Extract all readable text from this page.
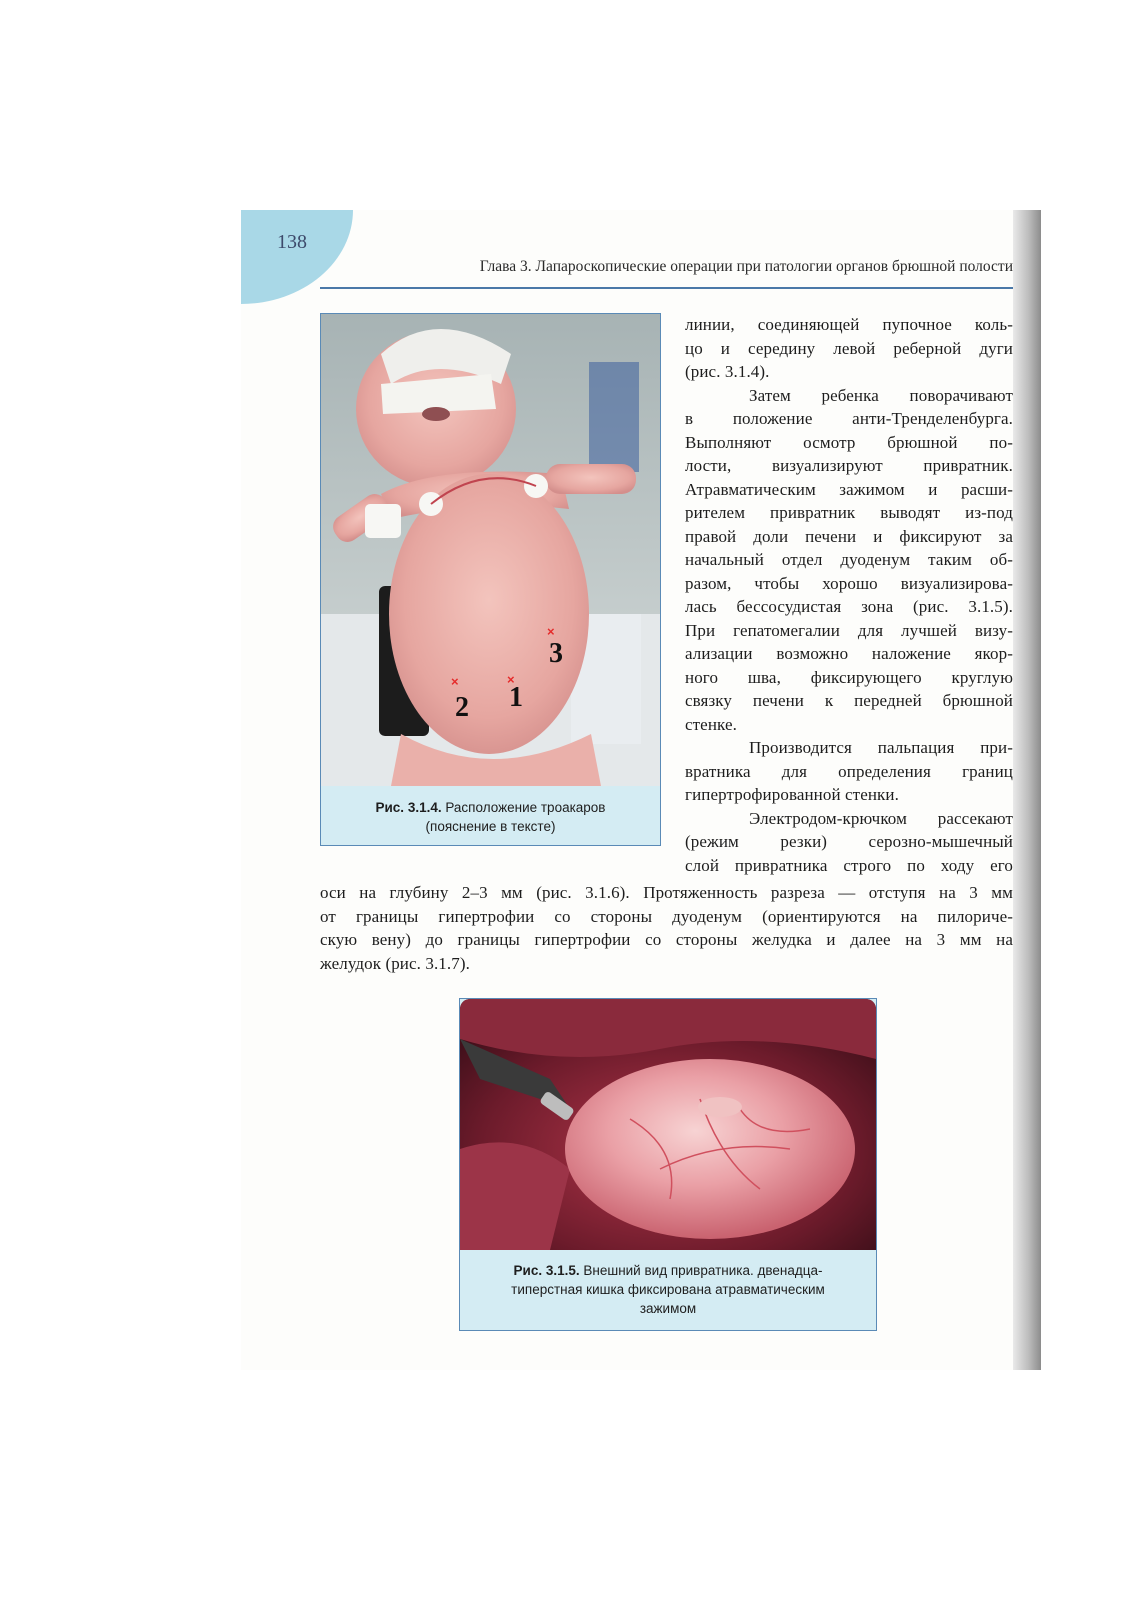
138
Глава 3. Лапароскопические операции при патологии органов брюшной полости
×
1
×
2
×
3
Рис. 3.1.4. Расположение троакаров
(пояснение в тексте)
линии, соединяющей пупочное коль-
цо и середину левой реберной дуги
(рис. 3.1.4).
Затем ребенка поворачивают
в положение анти-Тренделенбурга.
Выполняют осмотр брюшной по-
лости, визуализируют привратник.
Атравматическим зажимом и расши-
рителем привратник выводят из-под
правой доли печени и фиксируют за
начальный отдел дуоденум таким об-
разом, чтобы хорошо визуализирова-
лась бессосудистая зона (рис. 3.1.5).
При гепатомегалии для лучшей визу-
ализации возможно наложение якор-
ного шва, фиксирующего круглую
связку печени к передней брюшной
стенке.
Производится пальпация при-
вратника для определения границ
гипертрофированной стенки.
Электродом-крючком рассекают
(режим резки) серозно-мышечный
слой привратника строго по ходу его
оси на глубину 2–3 мм (рис. 3.1.6). Протяженность разреза — отступя на 3 мм
от границы гипертрофии со стороны дуоденум (ориентируются на пилориче-
скую вену) до границы гипертрофии со стороны желудка и далее на 3 мм на
желудок (рис. 3.1.7).
Рис. 3.1.5. Внешний вид привратника. двенадца-
типерстная кишка фиксирована атравматическим
зажимом
